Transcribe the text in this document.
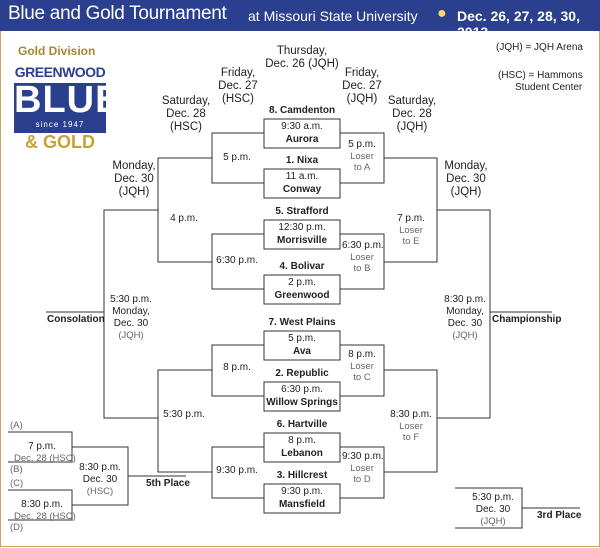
Blue and Gold Tournament at Missouri State University ● Dec. 26, 27, 28, 30, 2013
Gold Division
GREENWOOD
BLUE
since 1947
& GOLD
(JQH) = JQH Arena
(HSC) = Hammons
Student Center
Thursday,
Dec. 26 (JQH)
Friday,
Dec. 27
(HSC)
Friday,
Dec. 27
(JQH)
Saturday,
Dec. 28
(HSC)
Saturday,
Dec. 28
(JQH)
Monday,
Dec. 30
(JQH)
Monday,
Dec. 30
(JQH)
8. Camdenton
9:30 a.m.
Aurora
1. Nixa
11 a.m.
Conway
5. Strafford
12:30 p.m.
Morrisville
4. Bolivar
2 p.m.
Greenwood
7. West Plains
5 p.m.
Ava
2. Republic
6:30 p.m.
Willow Springs
6. Hartville
8 p.m.
Lebanon
3. Hillcrest
9:30 p.m.
Mansfield
5 p.m.
6:30 p.m.
8 p.m.
9:30 p.m.
4 p.m.
5:30 p.m.
5 p.m.
Loser
to A
6:30 p.m.
Loser
to B
8 p.m.
Loser
to C
9:30 p.m.
Loser
to D
7 p.m.
Loser
to E
8:30 p.m.
Loser
to F
5:30 p.m.
Monday,
Dec. 30
(JQH)
Consolation
8:30 p.m.
Monday,
Dec. 30
(JQH)
Championship
(A)
(B)
(C)
(D)
7 p.m.
Dec. 28 (HSC)
8:30 p.m.
Dec. 28 (HSC)
8:30 p.m.
Dec. 30
(HSC)
5th Place
5:30 p.m.
Dec. 30
(JQH)
3rd Place
